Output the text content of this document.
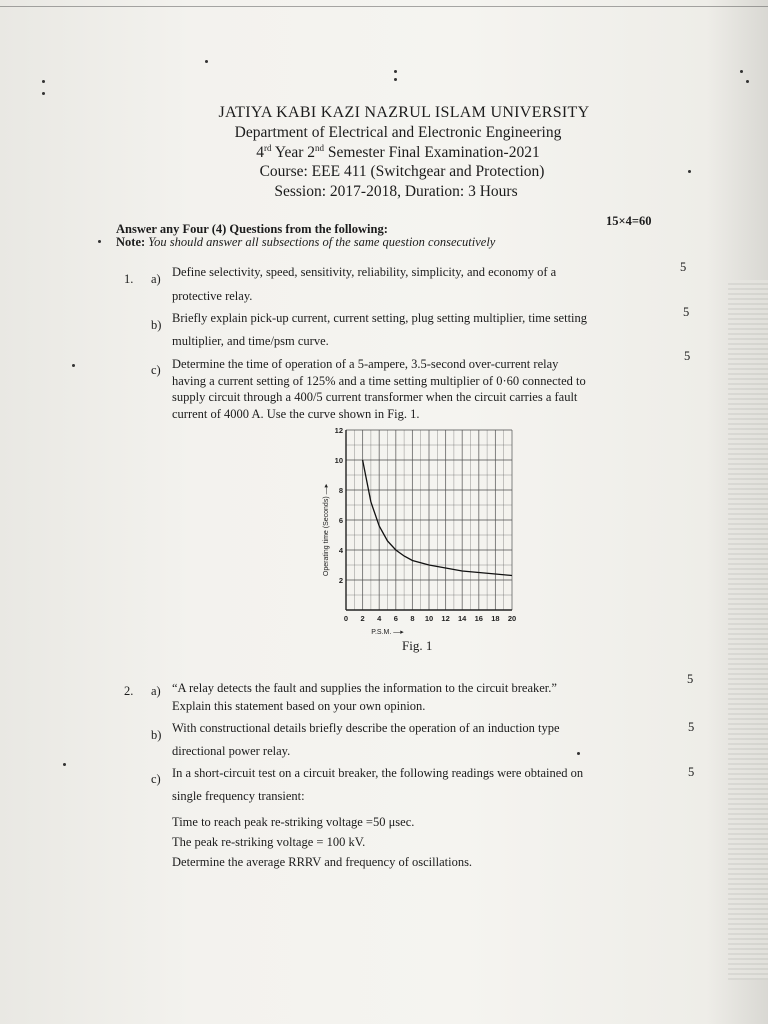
JATIYA KABI KAZI NAZRUL ISLAM UNIVERSITY
Department of Electrical and Electronic Engineering
4rd Year 2nd Semester Final Examination-2021
Course: EEE 411 (Switchgear and Protection)
Session: 2017-2018, Duration: 3 Hours
Answer any Four (4) Questions from the following:
Note: You should answer all subsections of the same question consecutively
15×4=60
1. a) Define selectivity, speed, sensitivity, reliability, simplicity, and economy of a
protective relay.
5
b) Briefly explain pick-up current, current setting, plug setting multiplier, time setting
multiplier, and time/psm curve.
5
c) Determine the time of operation of a 5-ampere, 3.5-second over-current relay
having a current setting of 125% and a time setting multiplier of 0·60 connected to
supply circuit through a 400/5 current transformer when the circuit carries a fault
current of 4000 A. Use the curve shown in Fig. 1.
5
0 2 4 6 8 10 12 14 16 18 20
2
4
6
8
10
12
P.S.M. —▸
Operating time (Seconds) —▸
Fig. 1
2. a) “A relay detects the fault and supplies the information to the circuit breaker.”
Explain this statement based on your own opinion.
5
b) With constructional details briefly describe the operation of an induction type
directional power relay.
5
c) In a short-circuit test on a circuit breaker, the following readings were obtained on
single frequency transient:
5
Time to reach peak re-striking voltage =50 μsec.
The peak re-striking voltage = 100 kV.
Determine the average RRRV and frequency of oscillations.
